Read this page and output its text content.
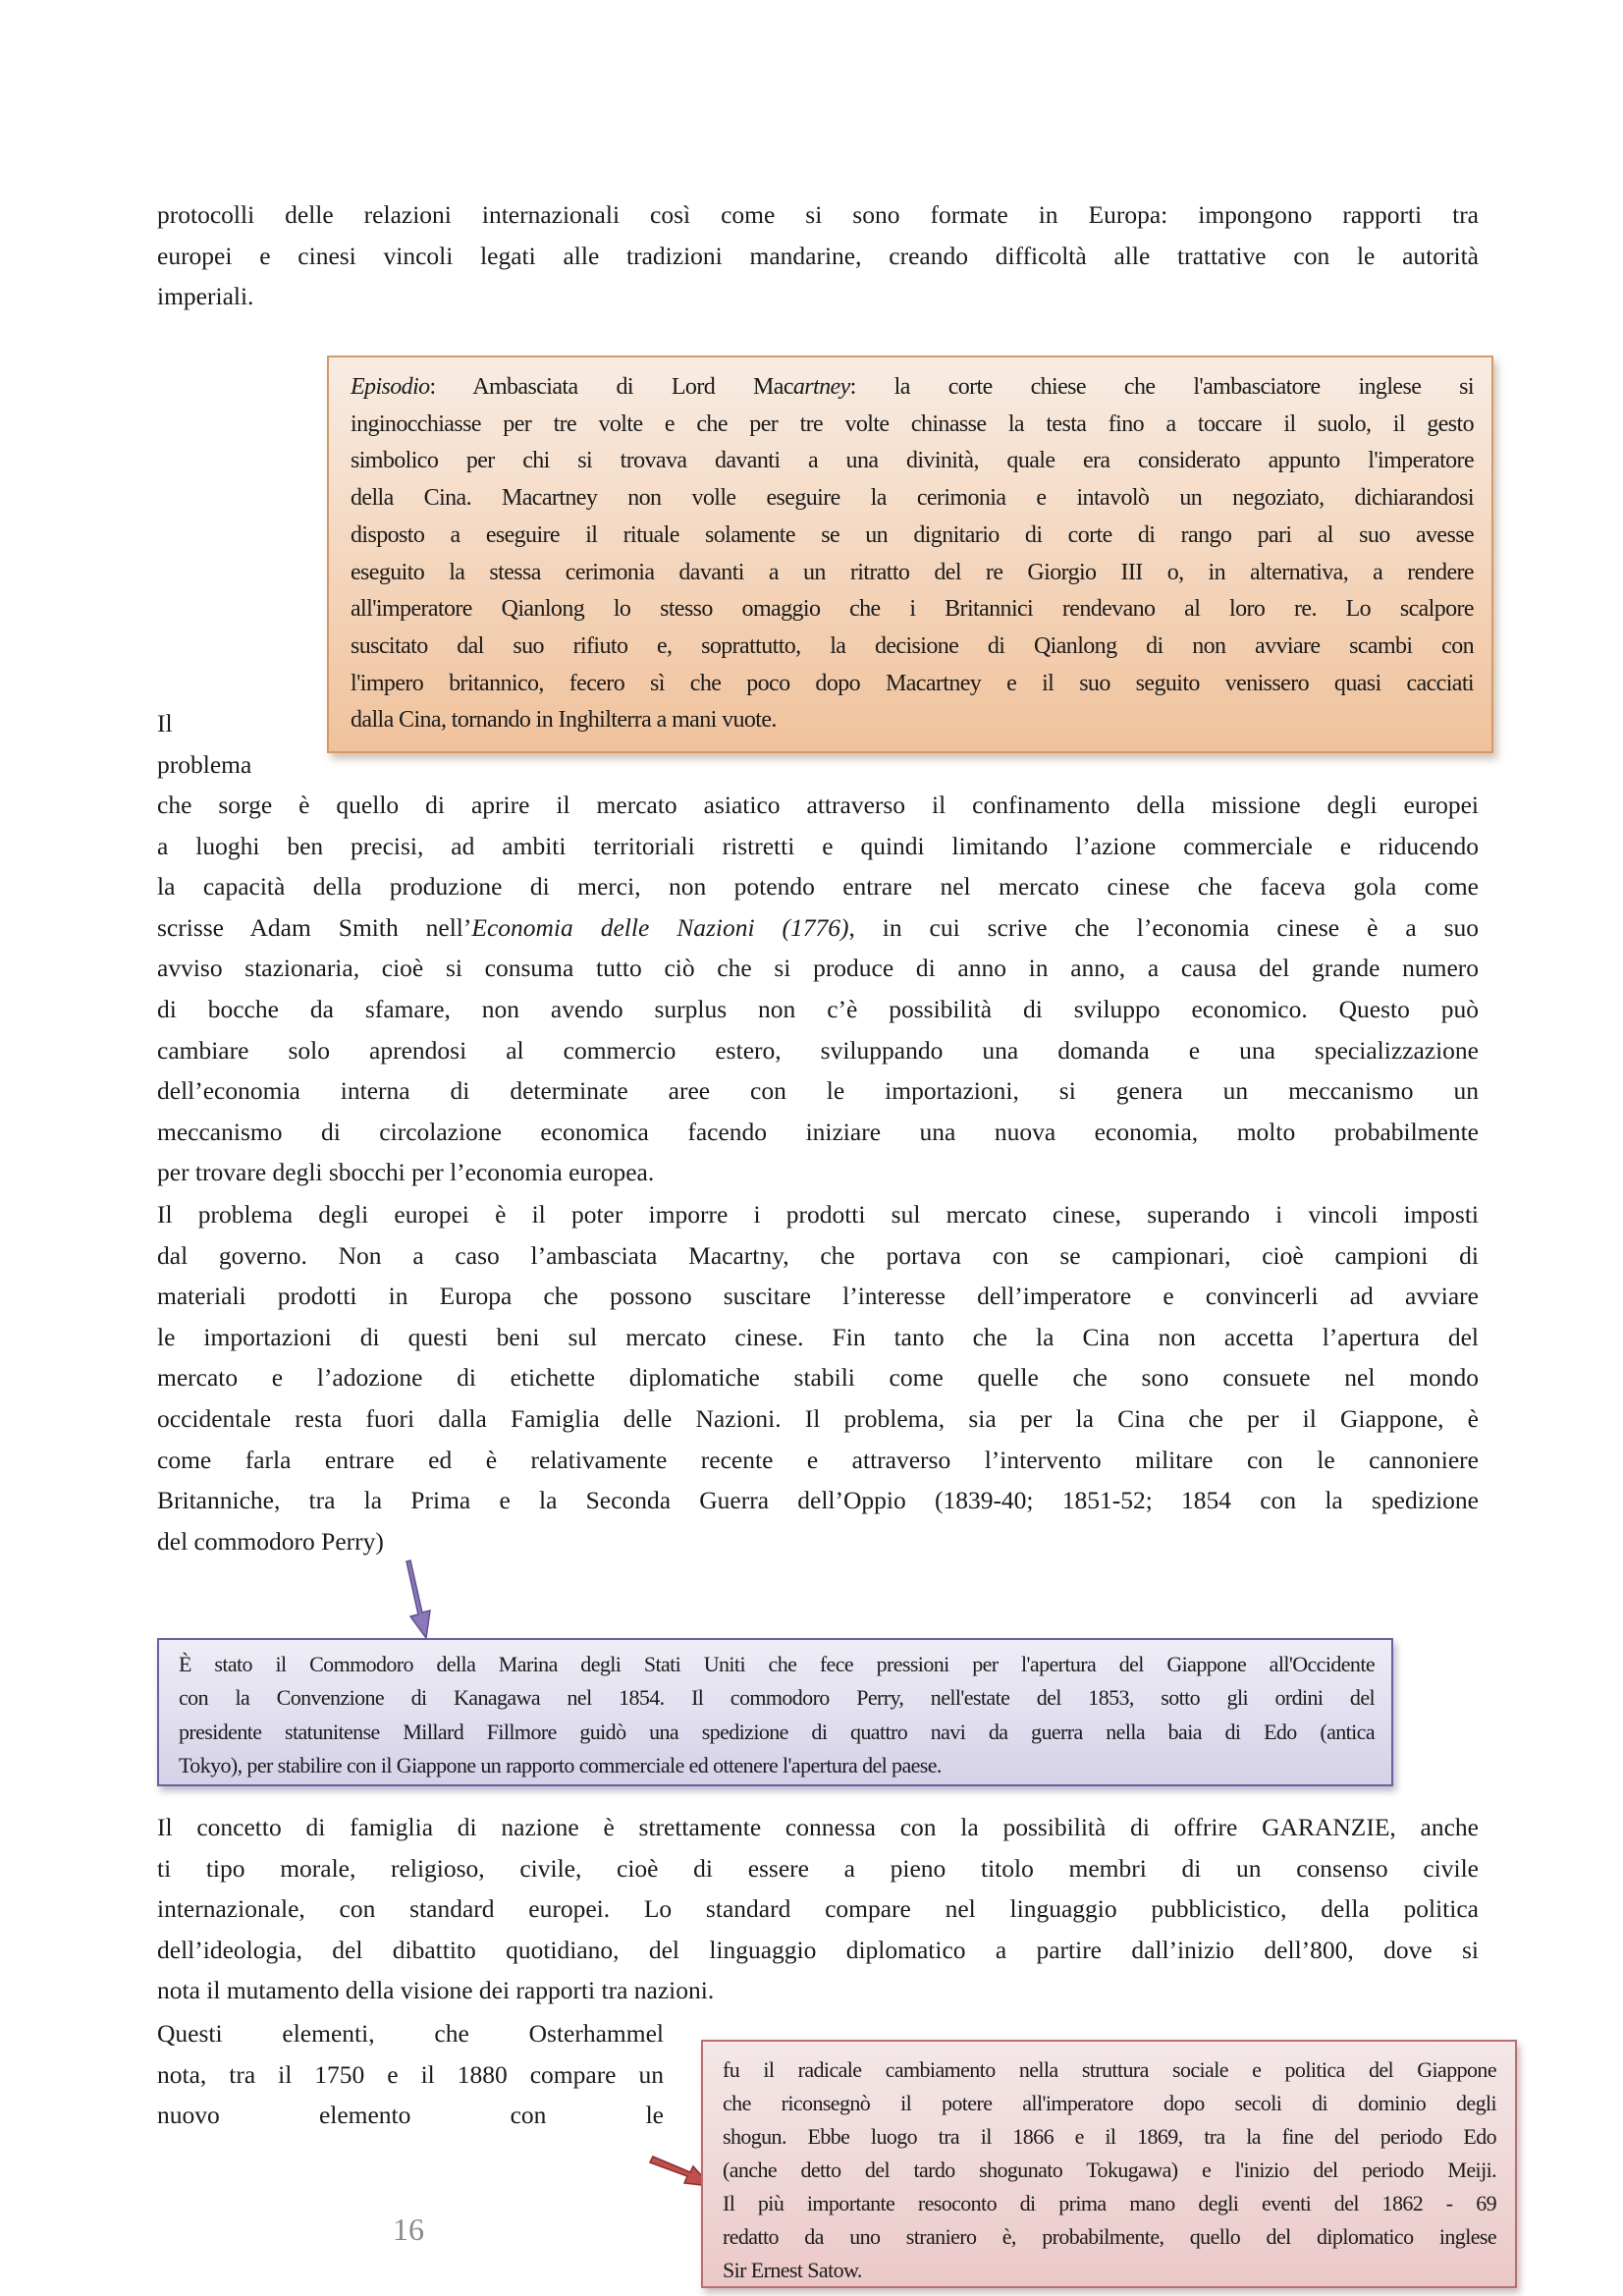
protocolli delle relazioni internazionali così come si sono formate in Europa: impongono rapporti tra
europei e cinesi vincoli legati alle tradizioni mandarine, creando difficoltà alle trattative con le autorità
imperiali.
Episodio: Ambasciata di Lord Macartney: la corte chiese che l'ambasciatore inglese si
inginocchiasse per tre volte e che per tre volte chinasse la testa fino a toccare il suolo, il gesto
simbolico per chi si trovava davanti a una divinità, quale era considerato appunto l'imperatore
della Cina. Macartney non volle eseguire la cerimonia e intavolò un negoziato, dichiarandosi
disposto a eseguire il rituale solamente se un dignitario di corte di rango pari al suo avesse
eseguito la stessa cerimonia davanti a un ritratto del re Giorgio III o, in alternativa, a rendere
all'imperatore Qianlong lo stesso omaggio che i Britannici rendevano al loro re. Lo scalpore
suscitato dal suo rifiuto e, soprattutto, la decisione di Qianlong di non avviare scambi con
l'impero britannico, fecero sì che poco dopo Macartney e il suo seguito venissero quasi cacciati
dalla Cina, tornando in Inghilterra a mani vuote.
Il
problema
che sorge è quello di aprire il mercato asiatico attraverso il confinamento della missione degli europei
a luoghi ben precisi, ad ambiti territoriali ristretti e quindi limitando l’azione commerciale e riducendo
la capacità della produzione di merci, non potendo entrare nel mercato cinese che faceva gola come
scrisse Adam Smith nell’Economia delle Nazioni (1776), in cui scrive che l’economia cinese è a suo
avviso stazionaria, cioè si consuma tutto ciò che si produce di anno in anno, a causa del grande numero
di bocche da sfamare, non avendo surplus non c’è possibilità di sviluppo economico. Questo può
cambiare solo aprendosi al commercio estero, sviluppando una domanda e una specializzazione
dell’economia interna di determinate aree con le importazioni, si genera un meccanismo un
meccanismo di circolazione economica facendo iniziare una nuova economia, molto probabilmente
per trovare degli sbocchi per l’economia europea.
Il problema degli europei è il poter imporre i prodotti sul mercato cinese, superando i vincoli imposti
dal governo. Non a caso l’ambasciata Macartny, che portava con se campionari, cioè campioni di
materiali prodotti in Europa che possono suscitare l’interesse dell’imperatore e convincerli ad avviare
le importazioni di questi beni sul mercato cinese. Fin tanto che la Cina non accetta l’apertura del
mercato e l’adozione di etichette diplomatiche stabili come quelle che sono consuete nel mondo
occidentale resta fuori dalla Famiglia delle Nazioni. Il problema, sia per la Cina che per il Giappone, è
come farla entrare ed è relativamente recente e attraverso l’intervento militare con le cannoniere
Britanniche, tra la Prima e la Seconda Guerra dell’Oppio (1839-40; 1851-52; 1854 con la spedizione
del commodoro Perry)
È stato il Commodoro della Marina degli Stati Uniti che fece pressioni per l'apertura del Giappone all'Occidente
con la Convenzione di Kanagawa nel 1854. Il commodoro Perry, nell'estate del 1853, sotto gli ordini del
presidente statunitense Millard Fillmore guidò una spedizione di quattro navi da guerra nella baia di Edo (antica
Tokyo), per stabilire con il Giappone un rapporto commerciale ed ottenere l'apertura del paese.
Il concetto di famiglia di nazione è strettamente connessa con la possibilità di offrire GARANZIE, anche
ti tipo morale, religioso, civile, cioè di essere a pieno titolo membri di un consenso civile
internazionale, con standard europei. Lo standard compare nel linguaggio pubblicistico, della politica
dell’ideologia, del dibattito quotidiano, del linguaggio diplomatico a partire dall’inizio dell’800, dove si
nota il mutamento della visione dei rapporti tra nazioni.
Questi elementi, che Osterhammel
nota, tra il 1750 e il 1880 compare un
nuovo elemento con le
fu il radicale cambiamento nella struttura sociale e politica del Giappone
che riconsegnò il potere all'imperatore dopo secoli di dominio degli
shogun. Ebbe luogo tra il 1866 e il 1869, tra la fine del periodo Edo
(anche detto del tardo shogunato Tokugawa) e l'inizio del periodo Meiji.
Il più importante resoconto di prima mano degli eventi del 1862 - 69
redatto da uno straniero è, probabilmente, quello del diplomatico inglese
Sir Ernest Satow.
16
